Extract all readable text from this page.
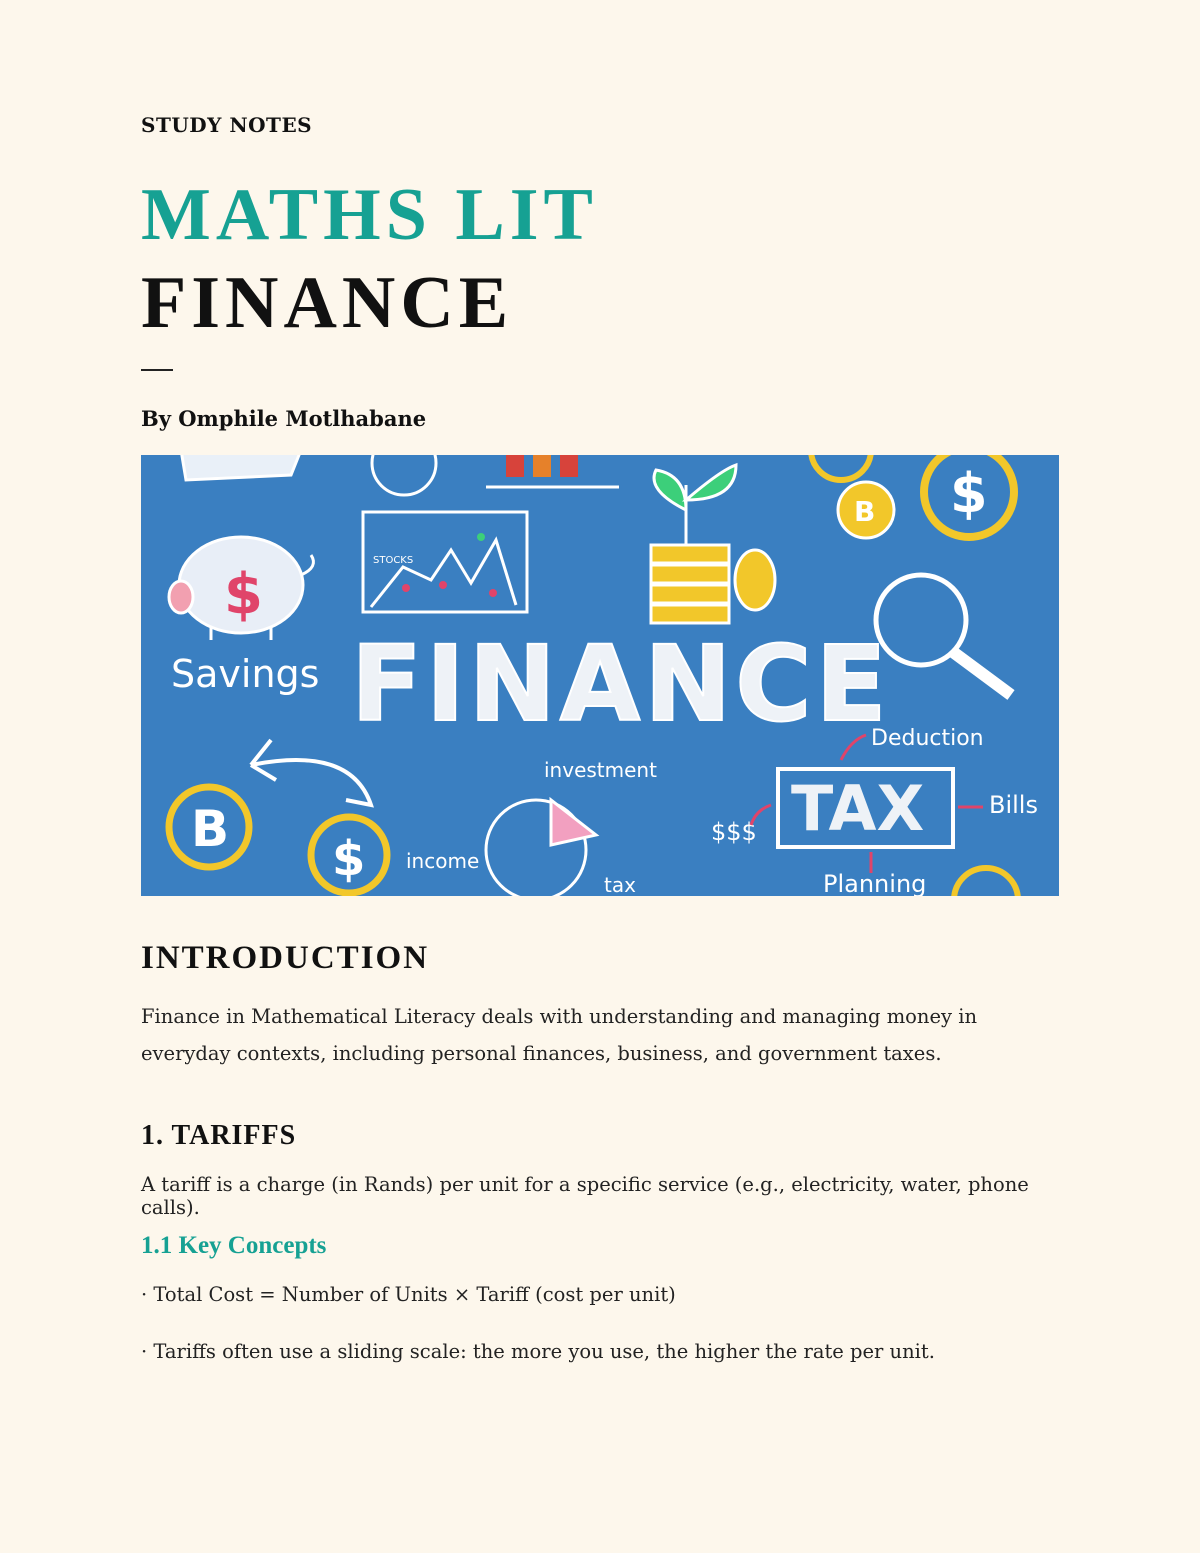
STUDY NOTES
MATHS LIT
FINANCE
By Omphile Motlhabane
STOCKS
$
Savings
B $
FINANCE
B
$ income
investment
tax
TAX
Deduction
Bills
Planning
$$$
INTRODUCTION
Finance in Mathematical Literacy deals with understanding and managing money in everyday contexts, including personal finances, business, and government taxes.
1. TARIFFS
A tariff is a charge (in Rands) per unit for a specific service (e.g., electricity, water, phone calls).
1.1 Key Concepts
· Total Cost = Number of Units × Tariff (cost per unit)
· Tariffs often use a sliding scale: the more you use, the higher the rate per unit.
